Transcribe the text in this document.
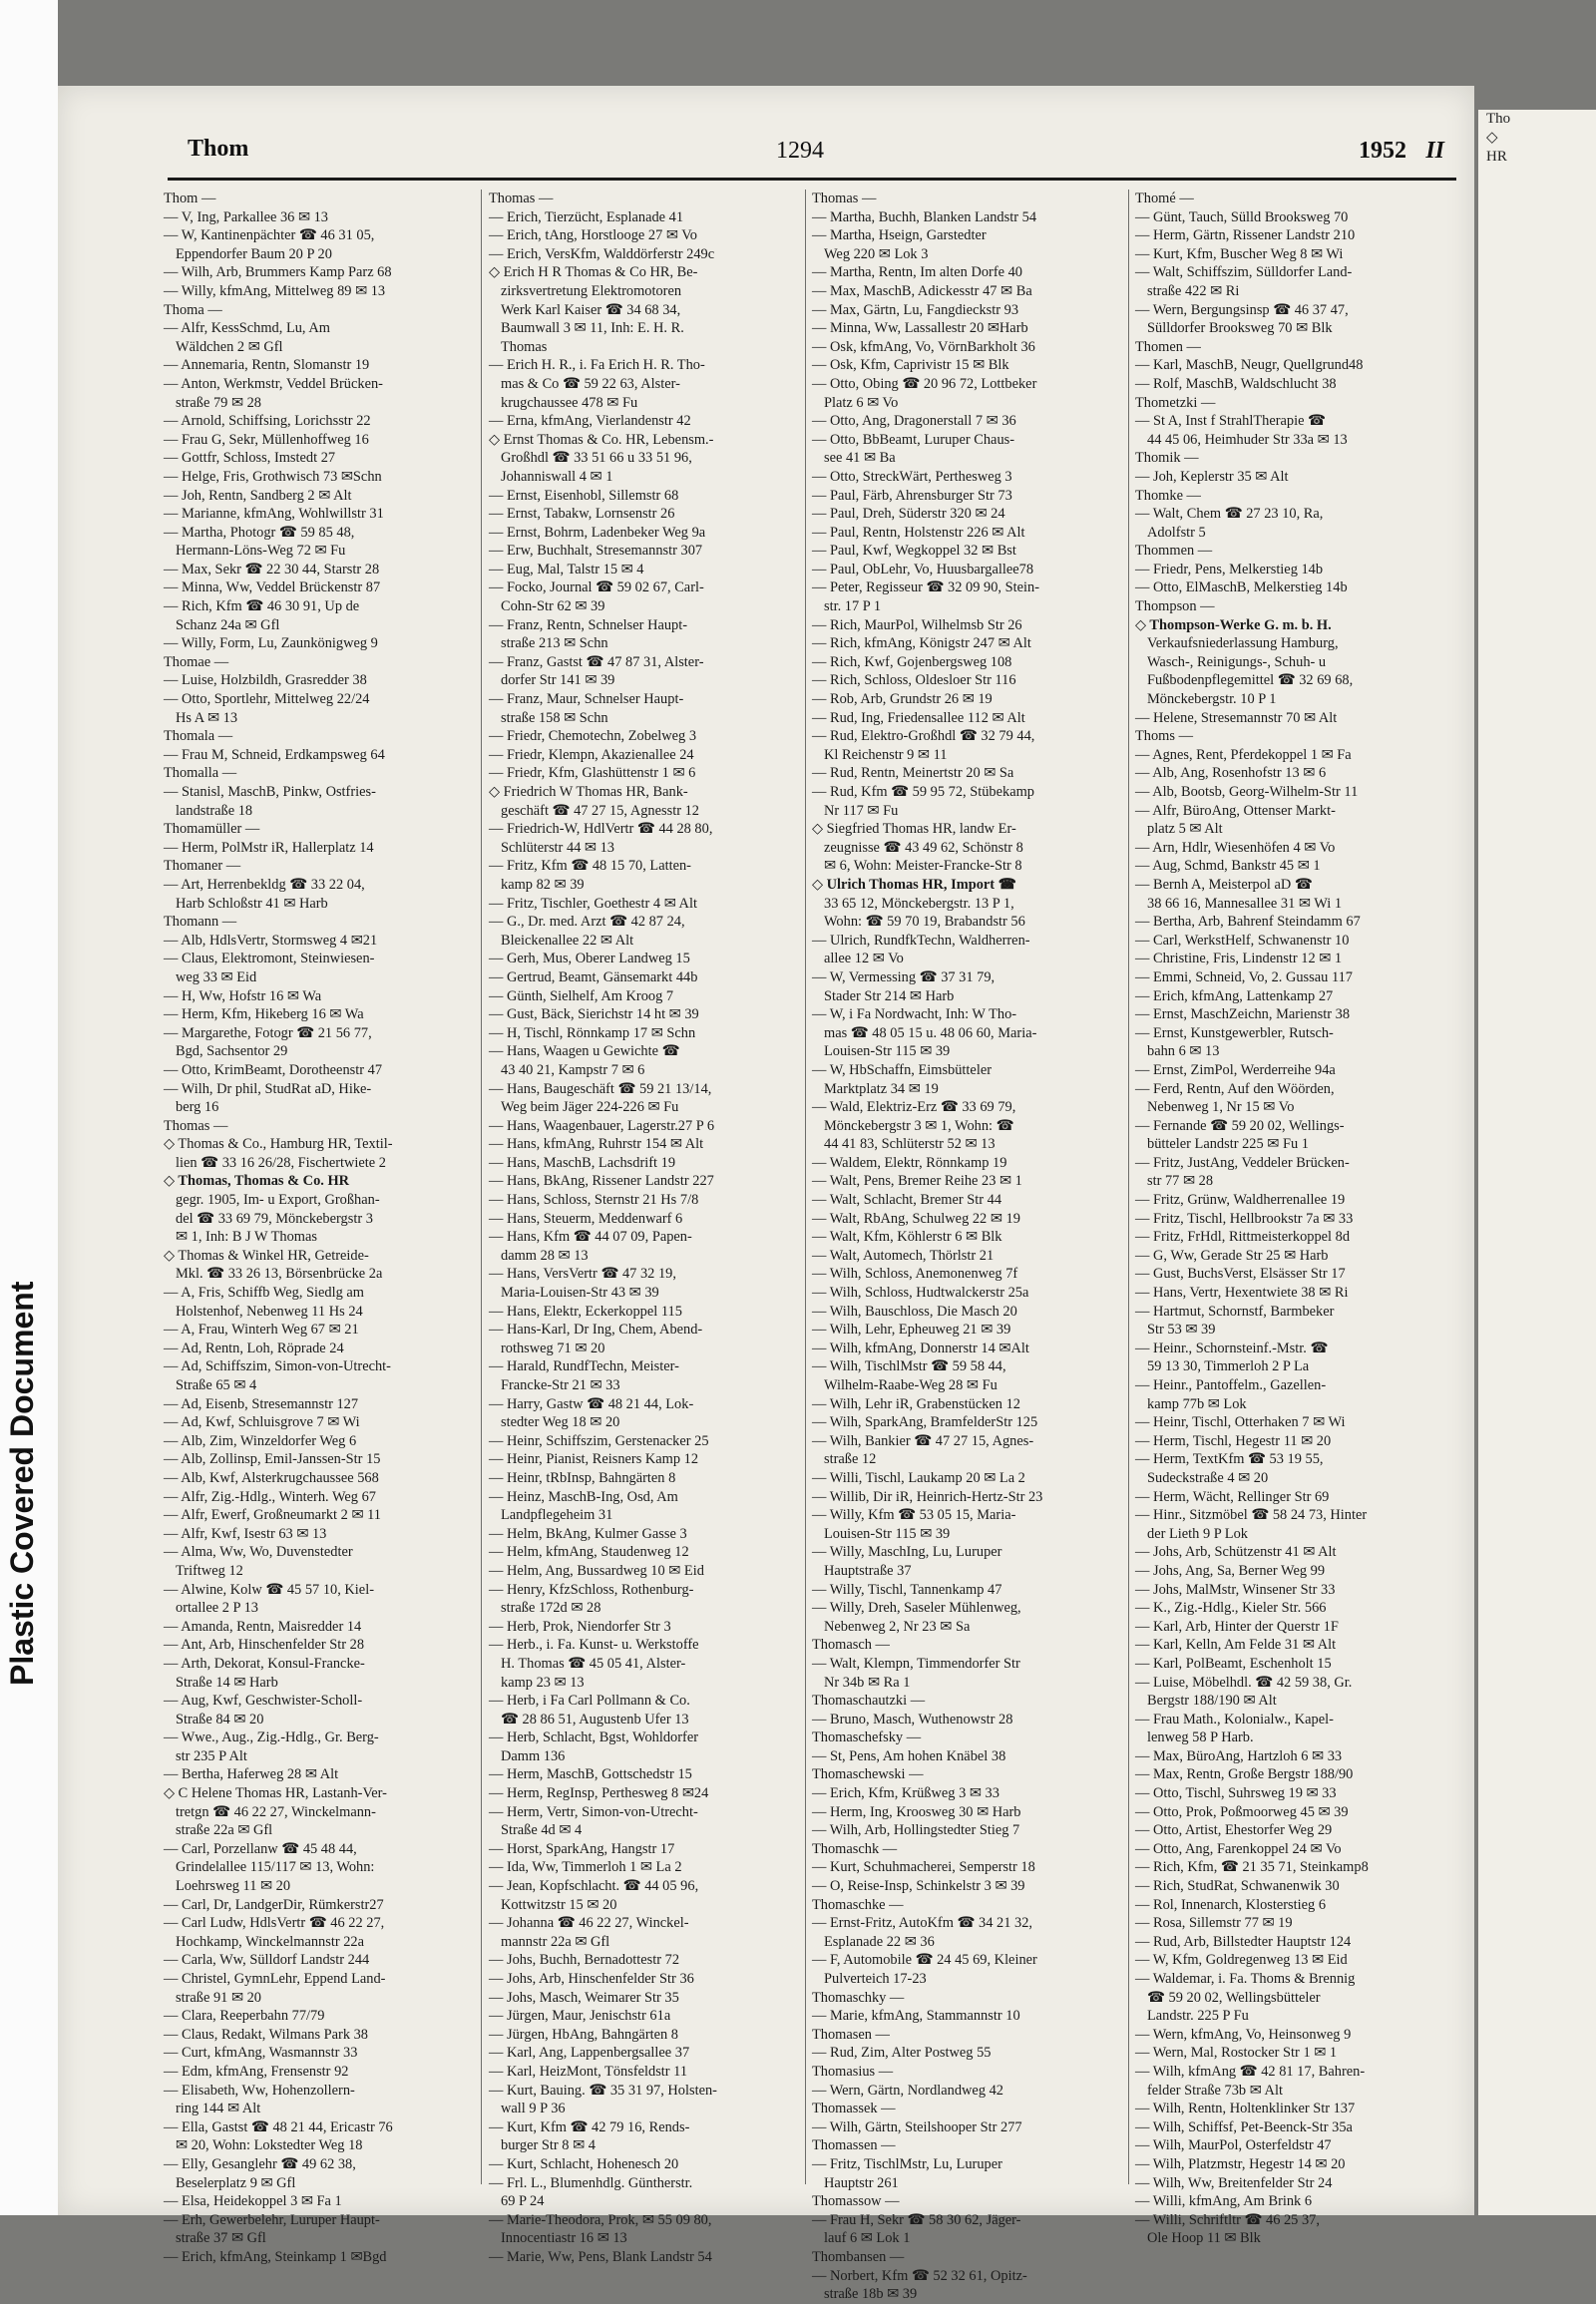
Plastic Covered Document
Thom	1294	1952 II
Thom —
— V, Ing, Parkallee 36 ✉ 13
— W, Kantinenpächter ☎ 46 31 05,
Eppendorfer Baum 20 P 20
— Wilh, Arb, Brummers Kamp Parz 68
— Willy, kfmAng, Mittelweg 89 ✉ 13
Thoma —
— Alfr, KessSchmd, Lu, Am
Wäldchen 2 ✉ Gfl
— Annemaria, Rentn, Slomanstr 19
— Anton, Werkmstr, Veddel Brücken-
straße 79 ✉ 28
— Arnold, Schiffsing, Lorichsstr 22
— Frau G, Sekr, Müllenhoffweg 16
— Gottfr, Schloss, Imstedt 27
— Helge, Fris, Grothwisch 73 ✉Schn
— Joh, Rentn, Sandberg 2 ✉ Alt
— Marianne, kfmAng, Wohlwillstr 31
— Martha, Photogr ☎ 59 85 48,
Hermann-Löns-Weg 72 ✉ Fu
— Max, Sekr ☎ 22 30 44, Starstr 28
— Minna, Ww, Veddel Brückenstr 87
— Rich, Kfm ☎ 46 30 91, Up de
Schanz 24a ✉ Gfl
— Willy, Form, Lu, Zaunkönigweg 9
Thomae —
— Luise, Holzbildh, Grasredder 38
— Otto, Sportlehr, Mittelweg 22/24
Hs A ✉ 13
Thomala —
— Frau M, Schneid, Erdkampsweg 64
Thomalla —
— Stanisl, MaschB, Pinkw, Ostfries-
landstraße 18
Thomamüller —
— Herm, PolMstr iR, Hallerplatz 14
Thomaner —
— Art, Herrenbekldg ☎ 33 22 04,
Harb Schloßstr 41 ✉ Harb
Thomann —
— Alb, HdlsVertr, Stormsweg 4 ✉21
— Claus, Elektromont, Steinwiesen-
weg 33 ✉ Eid
— H, Ww, Hofstr 16 ✉ Wa
— Herm, Kfm, Hikeberg 16 ✉ Wa
— Margarethe, Fotogr ☎ 21 56 77,
Bgd, Sachsentor 29
— Otto, KrimBeamt, Dorotheenstr 47
— Wilh, Dr phil, StudRat aD, Hike-
berg 16
Thomas —
◇ Thomas & Co., Hamburg HR, Textil-
lien ☎ 33 16 26/28, Fischertwiete 2
◇ Thomas, Thomas & Co. HR
gegr. 1905, Im- u Export, Großhan-
del ☎ 33 69 79, Mönckebergstr 3
✉ 1, Inh: B J W Thomas
◇ Thomas & Winkel HR, Getreide-
Mkl. ☎ 33 26 13, Börsenbrücke 2a
— A, Fris, Schiffb Weg, Siedlg am
Holstenhof, Nebenweg 11 Hs 24
— A, Frau, Winterh Weg 67 ✉ 21
— Ad, Rentn, Loh, Röprade 24
— Ad, Schiffszim, Simon-von-Utrecht-
Straße 65 ✉ 4
— Ad, Eisenb, Stresemannstr 127
— Ad, Kwf, Schluisgrove 7 ✉ Wi
— Alb, Zim, Winzeldorfer Weg 6
— Alb, Zollinsp, Emil-Janssen-Str 15
— Alb, Kwf, Alsterkrugchaussee 568
— Alfr, Zig.-Hdlg., Winterh. Weg 67
— Alfr, Ewerf, Großneumarkt 2 ✉ 11
— Alfr, Kwf, Isestr 63 ✉ 13
— Alma, Ww, Wo, Duvenstedter
Triftweg 12
— Alwine, Kolw ☎ 45 57 10, Kiel-
ortallee 2 P 13
— Amanda, Rentn, Maisredder 14
— Ant, Arb, Hinschenfelder Str 28
— Arth, Dekorat, Konsul-Francke-
Straße 14 ✉ Harb
— Aug, Kwf, Geschwister-Scholl-
Straße 84 ✉ 20
— Wwe., Aug., Zig.-Hdlg., Gr. Berg-
str 235 P Alt
— Bertha, Haferweg 28 ✉ Alt
◇ C Helene Thomas HR, Lastanh-Ver-
tretgn ☎ 46 22 27, Winckelmann-
straße 22a ✉ Gfl
— Carl, Porzellanw ☎ 45 48 44,
Grindelallee 115/117 ✉ 13, Wohn:
Loehrsweg 11 ✉ 20
— Carl, Dr, LandgerDir, Rümkerstr27
— Carl Ludw, HdlsVertr ☎ 46 22 27,
Hochkamp, Winckelmannstr 22a
— Carla, Ww, Sülldorf Landstr 244
— Christel, GymnLehr, Eppend Land-
straße 91 ✉ 20
— Clara, Reeperbahn 77/79
— Claus, Redakt, Wilmans Park 38
— Curt, kfmAng, Wasmannstr 33
— Edm, kfmAng, Frensenstr 92
— Elisabeth, Ww, Hohenzollern-
ring 144 ✉ Alt
— Ella, Gastst ☎ 48 21 44, Ericastr 76
✉ 20, Wohn: Lokstedter Weg 18
— Elly, Gesanglehr ☎ 49 62 38,
Beselerplatz 9 ✉ Gfl
— Elsa, Heidekoppel 3 ✉ Fa 1
— Erh, Gewerbelehr, Luruper Haupt-
straße 37 ✉ Gfl
— Erich, kfmAng, Steinkamp 1 ✉Bgd
Thomas —
— Erich, Tierzücht, Esplanade 41
— Erich, tAng, Horstlooge 27 ✉ Vo
— Erich, VersKfm, Walddörferstr 249c
◇ Erich H R Thomas & Co HR, Be-
zirksvertretung Elektromotoren
Werk Karl Kaiser ☎ 34 68 34,
Baumwall 3 ✉ 11, Inh: E. H. R.
Thomas
— Erich H. R., i. Fa Erich H. R. Tho-
mas & Co ☎ 59 22 63, Alster-
krugchaussee 478 ✉ Fu
— Erna, kfmAng, Vierlandenstr 42
◇ Ernst Thomas & Co. HR, Lebensm.-
Großhdl ☎ 33 51 66 u 33 51 96,
Johanniswall 4 ✉ 1
— Ernst, Eisenhobl, Sillemstr 68
— Ernst, Tabakw, Lornsenstr 26
— Ernst, Bohrm, Ladenbeker Weg 9a
— Erw, Buchhalt, Stresemannstr 307
— Eug, Mal, Talstr 15 ✉ 4
— Focko, Journal ☎ 59 02 67, Carl-
Cohn-Str 62 ✉ 39
— Franz, Rentn, Schnelser Haupt-
straße 213 ✉ Schn
— Franz, Gastst ☎ 47 87 31, Alster-
dorfer Str 141 ✉ 39
— Franz, Maur, Schnelser Haupt-
straße 158 ✉ Schn
— Friedr, Chemotechn, Zobelweg 3
— Friedr, Klempn, Akazienallee 24
— Friedr, Kfm, Glashüttenstr 1 ✉ 6
◇ Friedrich W Thomas HR, Bank-
geschäft ☎ 47 27 15, Agnesstr 12
— Friedrich-W, HdlVertr ☎ 44 28 80,
Schlüterstr 44 ✉ 13
— Fritz, Kfm ☎ 48 15 70, Latten-
kamp 82 ✉ 39
— Fritz, Tischler, Goethestr 4 ✉ Alt
— G., Dr. med. Arzt ☎ 42 87 24,
Bleickenallee 22 ✉ Alt
— Gerh, Mus, Oberer Landweg 15
— Gertrud, Beamt, Gänsemarkt 44b
— Günth, Sielhelf, Am Kroog 7
— Gust, Bäck, Sierichstr 14 ht ✉ 39
— H, Tischl, Rönnkamp 17 ✉ Schn
— Hans, Waagen u Gewichte ☎
43 40 21, Kampstr 7 ✉ 6
— Hans, Baugeschäft ☎ 59 21 13/14,
Weg beim Jäger 224-226 ✉ Fu
— Hans, Waagenbauer, Lagerstr.27 P 6
— Hans, kfmAng, Ruhrstr 154 ✉ Alt
— Hans, MaschB, Lachsdrift 19
— Hans, BkAng, Rissener Landstr 227
— Hans, Schloss, Sternstr 21 Hs 7/8
— Hans, Steuerm, Meddenwarf 6
— Hans, Kfm ☎ 44 07 09, Papen-
damm 28 ✉ 13
— Hans, VersVertr ☎ 47 32 19,
Maria-Louisen-Str 43 ✉ 39
— Hans, Elektr, Eckerkoppel 115
— Hans-Karl, Dr Ing, Chem, Abend-
rothsweg 71 ✉ 20
— Harald, RundfTechn, Meister-
Francke-Str 21 ✉ 33
— Harry, Gastw ☎ 48 21 44, Lok-
stedter Weg 18 ✉ 20
— Heinr, Schiffszim, Gerstenacker 25
— Heinr, Pianist, Reisners Kamp 12
— Heinr, tRbInsp, Bahngärten 8
— Heinz, MaschB-Ing, Osd, Am
Landpflegeheim 31
— Helm, BkAng, Kulmer Gasse 3
— Helm, kfmAng, Staudenweg 12
— Helm, Ang, Bussardweg 10 ✉ Eid
— Henry, KfzSchloss, Rothenburg-
straße 172d ✉ 28
— Herb, Prok, Niendorfer Str 3
— Herb., i. Fa. Kunst- u. Werkstoffe
H. Thomas ☎ 45 05 41, Alster-
kamp 23 ✉ 13
— Herb, i Fa Carl Pollmann & Co.
☎ 28 86 51, Augustenb Ufer 13
— Herb, Schlacht, Bgst, Wohldorfer
Damm 136
— Herm, MaschB, Gottschedstr 15
— Herm, RegInsp, Perthesweg 8 ✉24
— Herm, Vertr, Simon-von-Utrecht-
Straße 4d ✉ 4
— Horst, SparkAng, Hangstr 17
— Ida, Ww, Timmerloh 1 ✉ La 2
— Jean, Kopfschlacht. ☎ 44 05 96,
Kottwitzstr 15 ✉ 20
— Johanna ☎ 46 22 27, Winckel-
mannstr 22a ✉ Gfl
— Johs, Buchh, Bernadottestr 72
— Johs, Arb, Hinschenfelder Str 36
— Johs, Masch, Weimarer Str 35
— Jürgen, Maur, Jenischstr 61a
— Jürgen, HbAng, Bahngärten 8
— Karl, Ang, Lappenbergsallee 37
— Karl, HeizMont, Tönsfeldstr 11
— Kurt, Bauing. ☎ 35 31 97, Holsten-
wall 9 P 36
— Kurt, Kfm ☎ 42 79 16, Rends-
burger Str 8 ✉ 4
— Kurt, Schlacht, Hohenesch 20
— Frl. L., Blumenhdlg. Güntherstr.
69 P 24
— Marie-Theodora, Prok, ✉ 55 09 80,
Innocentiastr 16 ✉ 13
— Marie, Ww, Pens, Blank Landstr 54
Thomas —
— Martha, Buchh, Blanken Landstr 54
— Martha, Hseign, Garstedter
Weg 220 ✉ Lok 3
— Martha, Rentn, Im alten Dorfe 40
— Max, MaschB, Adickesstr 47 ✉ Ba
— Max, Gärtn, Lu, Fangdieckstr 93
— Minna, Ww, Lassallestr 20 ✉Harb
— Osk, kfmAng, Vo, VörnBarkholt 36
— Osk, Kfm, Caprivistr 15 ✉ Blk
— Otto, Obing ☎ 20 96 72, Lottbeker
Platz 6 ✉ Vo
— Otto, Ang, Dragonerstall 7 ✉ 36
— Otto, BbBeamt, Luruper Chaus-
see 41 ✉ Ba
— Otto, StreckWärt, Perthesweg 3
— Paul, Färb, Ahrensburger Str 73
— Paul, Dreh, Süderstr 320 ✉ 24
— Paul, Rentn, Holstenstr 226 ✉ Alt
— Paul, Kwf, Wegkoppel 32 ✉ Bst
— Paul, ObLehr, Vo, Huusbargallee78
— Peter, Regisseur ☎ 32 09 90, Stein-
str. 17 P 1
— Rich, MaurPol, Wilhelmsb Str 26
— Rich, kfmAng, Königstr 247 ✉ Alt
— Rich, Kwf, Gojenbergsweg 108
— Rich, Schloss, Oldesloer Str 116
— Rob, Arb, Grundstr 26 ✉ 19
— Rud, Ing, Friedensallee 112 ✉ Alt
— Rud, Elektro-Großhdl ☎ 32 79 44,
Kl Reichenstr 9 ✉ 11
— Rud, Rentn, Meinertstr 20 ✉ Sa
— Rud, Kfm ☎ 59 95 72, Stübekamp
Nr 117 ✉ Fu
◇ Siegfried Thomas HR, landw Er-
zeugnisse ☎ 43 49 62, Schönstr 8
✉ 6, Wohn: Meister-Francke-Str 8
◇ Ulrich Thomas HR, Import ☎
33 65 12, Mönckebergstr. 13 P 1,
Wohn: ☎ 59 70 19, Brabandstr 56
— Ulrich, RundfkTechn, Waldherren-
allee 12 ✉ Vo
— W, Vermessing ☎ 37 31 79,
Stader Str 214 ✉ Harb
— W, i Fa Nordwacht, Inh: W Tho-
mas ☎ 48 05 15 u. 48 06 60, Maria-
Louisen-Str 115 ✉ 39
— W, HbSchaffn, Eimsbütteler
Marktplatz 34 ✉ 19
— Wald, Elektriz-Erz ☎ 33 69 79,
Mönckebergstr 3 ✉ 1, Wohn: ☎
44 41 83, Schlüterstr 52 ✉ 13
— Waldem, Elektr, Rönnkamp 19
— Walt, Pens, Bremer Reihe 23 ✉ 1
— Walt, Schlacht, Bremer Str 44
— Walt, RbAng, Schulweg 22 ✉ 19
— Walt, Kfm, Köhlerstr 6 ✉ Blk
— Walt, Automech, Thörlstr 21
— Wilh, Schloss, Anemonenweg 7f
— Wilh, Schloss, Hudtwalckerstr 25a
— Wilh, Bauschloss, Die Masch 20
— Wilh, Lehr, Epheuweg 21 ✉ 39
— Wilh, kfmAng, Donnerstr 14 ✉Alt
— Wilh, TischlMstr ☎ 59 58 44,
Wilhelm-Raabe-Weg 28 ✉ Fu
— Wilh, Lehr iR, Grabenstücken 12
— Wilh, SparkAng, BramfelderStr 125
— Wilh, Bankier ☎ 47 27 15, Agnes-
straße 12
— Willi, Tischl, Laukamp 20 ✉ La 2
— Willib, Dir iR, Heinrich-Hertz-Str 23
— Willy, Kfm ☎ 53 05 15, Maria-
Louisen-Str 115 ✉ 39
— Willy, MaschIng, Lu, Luruper
Hauptstraße 37
— Willy, Tischl, Tannenkamp 47
— Willy, Dreh, Saseler Mühlenweg,
Nebenweg 2, Nr 23 ✉ Sa
Thomasch —
— Walt, Klempn, Timmendorfer Str
Nr 34b ✉ Ra 1
Thomaschautzki —
— Bruno, Masch, Wuthenowstr 28
Thomaschefsky —
— St, Pens, Am hohen Knäbel 38
Thomaschewski —
— Erich, Kfm, Krüßweg 3 ✉ 33
— Herm, Ing, Kroosweg 30 ✉ Harb
— Wilh, Arb, Hollingstedter Stieg 7
Thomaschk —
— Kurt, Schuhmacherei, Semperstr 18
— O, Reise-Insp, Schinkelstr 3 ✉ 39
Thomaschke —
— Ernst-Fritz, AutoKfm ☎ 34 21 32,
Esplanade 22 ✉ 36
— F, Automobile ☎ 24 45 69, Kleiner
Pulverteich 17-23
Thomaschky —
— Marie, kfmAng, Stammannstr 10
Thomasen —
— Rud, Zim, Alter Postweg 55
Thomasius —
— Wern, Gärtn, Nordlandweg 42
Thomassek —
— Wilh, Gärtn, Steilshooper Str 277
Thomassen —
— Fritz, TischlMstr, Lu, Luruper
Hauptstr 261
Thomassow —
— Frau H, Sekr ☎ 58 30 62, Jäger-
lauf 6 ✉ Lok 1
Thombansen —
— Norbert, Kfm ☎ 52 32 61, Opitz-
straße 18b ✉ 39
Thomé —
— Günt, Tauch, Sülld Brooksweg 70
— Herm, Gärtn, Rissener Landstr 210
— Kurt, Kfm, Buscher Weg 8 ✉ Wi
— Walt, Schiffszim, Sülldorfer Land-
straße 422 ✉ Ri
— Wern, Bergungsinsp ☎ 46 37 47,
Sülldorfer Brooksweg 70 ✉ Blk
Thomen —
— Karl, MaschB, Neugr, Quellgrund48
— Rolf, MaschB, Waldschlucht 38
Thometzki —
— St A, Inst f StrahlTherapie ☎
44 45 06, Heimhuder Str 33a ✉ 13
Thomik —
— Joh, Keplerstr 35 ✉ Alt
Thomke —
— Walt, Chem ☎ 27 23 10, Ra,
Adolfstr 5
Thommen —
— Friedr, Pens, Melkerstieg 14b
— Otto, ElMaschB, Melkerstieg 14b
Thompson —
◇ Thompson-Werke G. m. b. H.
Verkaufsniederlassung Hamburg,
Wasch-, Reinigungs-, Schuh- u
Fußbodenpflegemittel ☎ 32 69 68,
Mönckebergstr. 10 P 1
— Helene, Stresemannstr 70 ✉ Alt
Thoms —
— Agnes, Rent, Pferdekoppel 1 ✉ Fa
— Alb, Ang, Rosenhofstr 13 ✉ 6
— Alb, Bootsb, Georg-Wilhelm-Str 11
— Alfr, BüroAng, Ottenser Markt-
platz 5 ✉ Alt
— Arn, Hdlr, Wiesenhöfen 4 ✉ Vo
— Aug, Schmd, Bankstr 45 ✉ 1
— Bernh A, Meisterpol aD ☎
38 66 16, Mannesallee 31 ✉ Wi 1
— Bertha, Arb, Bahrenf Steindamm 67
— Carl, WerkstHelf, Schwanenstr 10
— Christine, Fris, Lindenstr 12 ✉ 1
— Emmi, Schneid, Vo, 2. Gussau 117
— Erich, kfmAng, Lattenkamp 27
— Ernst, MaschZeichn, Marienstr 38
— Ernst, Kunstgewerbler, Rutsch-
bahn 6 ✉ 13
— Ernst, ZimPol, Werderreihe 94a
— Ferd, Rentn, Auf den Wöörden,
Nebenweg 1, Nr 15 ✉ Vo
— Fernande ☎ 59 20 02, Wellings-
bütteler Landstr 225 ✉ Fu 1
— Fritz, JustAng, Veddeler Brücken-
str 77 ✉ 28
— Fritz, Grünw, Waldherrenallee 19
— Fritz, Tischl, Hellbrookstr 7a ✉ 33
— Fritz, FrHdl, Rittmeisterkoppel 8d
— G, Ww, Gerade Str 25 ✉ Harb
— Gust, BuchsVerst, Elsässer Str 17
— Hans, Vertr, Hexentwiete 38 ✉ Ri
— Hartmut, Schornstf, Barmbeker
Str 53 ✉ 39
— Heinr., Schornsteinf.-Mstr. ☎
59 13 30, Timmerloh 2 P La
— Heinr., Pantoffelm., Gazellen-
kamp 77b ✉ Lok
— Heinr, Tischl, Otterhaken 7 ✉ Wi
— Herm, Tischl, Hegestr 11 ✉ 20
— Herm, TextKfm ☎ 53 19 55,
Sudeckstraße 4 ✉ 20
— Herm, Wächt, Rellinger Str 69
— Hinr., Sitzmöbel ☎ 58 24 73, Hinter
der Lieth 9 P Lok
— Johs, Arb, Schützenstr 41 ✉ Alt
— Johs, Ang, Sa, Berner Weg 99
— Johs, MalMstr, Winsener Str 33
— K., Zig.-Hdlg., Kieler Str. 566
— Karl, Arb, Hinter der Querstr 1F
— Karl, Kelln, Am Felde 31 ✉ Alt
— Karl, PolBeamt, Eschenholt 15
— Luise, Möbelhdl. ☎ 42 59 38, Gr.
Bergstr 188/190 ✉ Alt
— Frau Math., Kolonialw., Kapel-
lenweg 58 P Harb.
— Max, BüroAng, Hartzloh 6 ✉ 33
— Max, Rentn, Große Bergstr 188/90
— Otto, Tischl, Suhrsweg 19 ✉ 33
— Otto, Prok, Poßmoorweg 45 ✉ 39
— Otto, Artist, Ehestorfer Weg 29
— Otto, Ang, Farenkoppel 24 ✉ Vo
— Rich, Kfm, ☎ 21 35 71, Steinkamp8
— Rich, StudRat, Schwanenwik 30
— Rol, Innenarch, Klosterstieg 6
— Rosa, Sillemstr 77 ✉ 19
— Rud, Arb, Billstedter Hauptstr 124
— W, Kfm, Goldregenweg 13 ✉ Eid
— Waldemar, i. Fa. Thoms & Brennig
☎ 59 20 02, Wellingsbütteler
Landstr. 225 P Fu
— Wern, kfmAng, Vo, Heinsonweg 9
— Wern, Mal, Rostocker Str 1 ✉ 1
— Wilh, kfmAng ☎ 42 81 17, Bahren-
felder Straße 73b ✉ Alt
— Wilh, Rentn, Holtenklinker Str 137
— Wilh, Schiffsf, Pet-Beenck-Str 35a
— Wilh, MaurPol, Osterfeldstr 47
— Wilh, Platzmstr, Hegestr 14 ✉ 20
— Wilh, Ww, Breitenfelder Str 24
— Willi, kfmAng, Am Brink 6
— Willi, Schriftltr ☎ 46 25 37,
Ole Hoop 11 ✉ Blk
Tho
◇
HR
